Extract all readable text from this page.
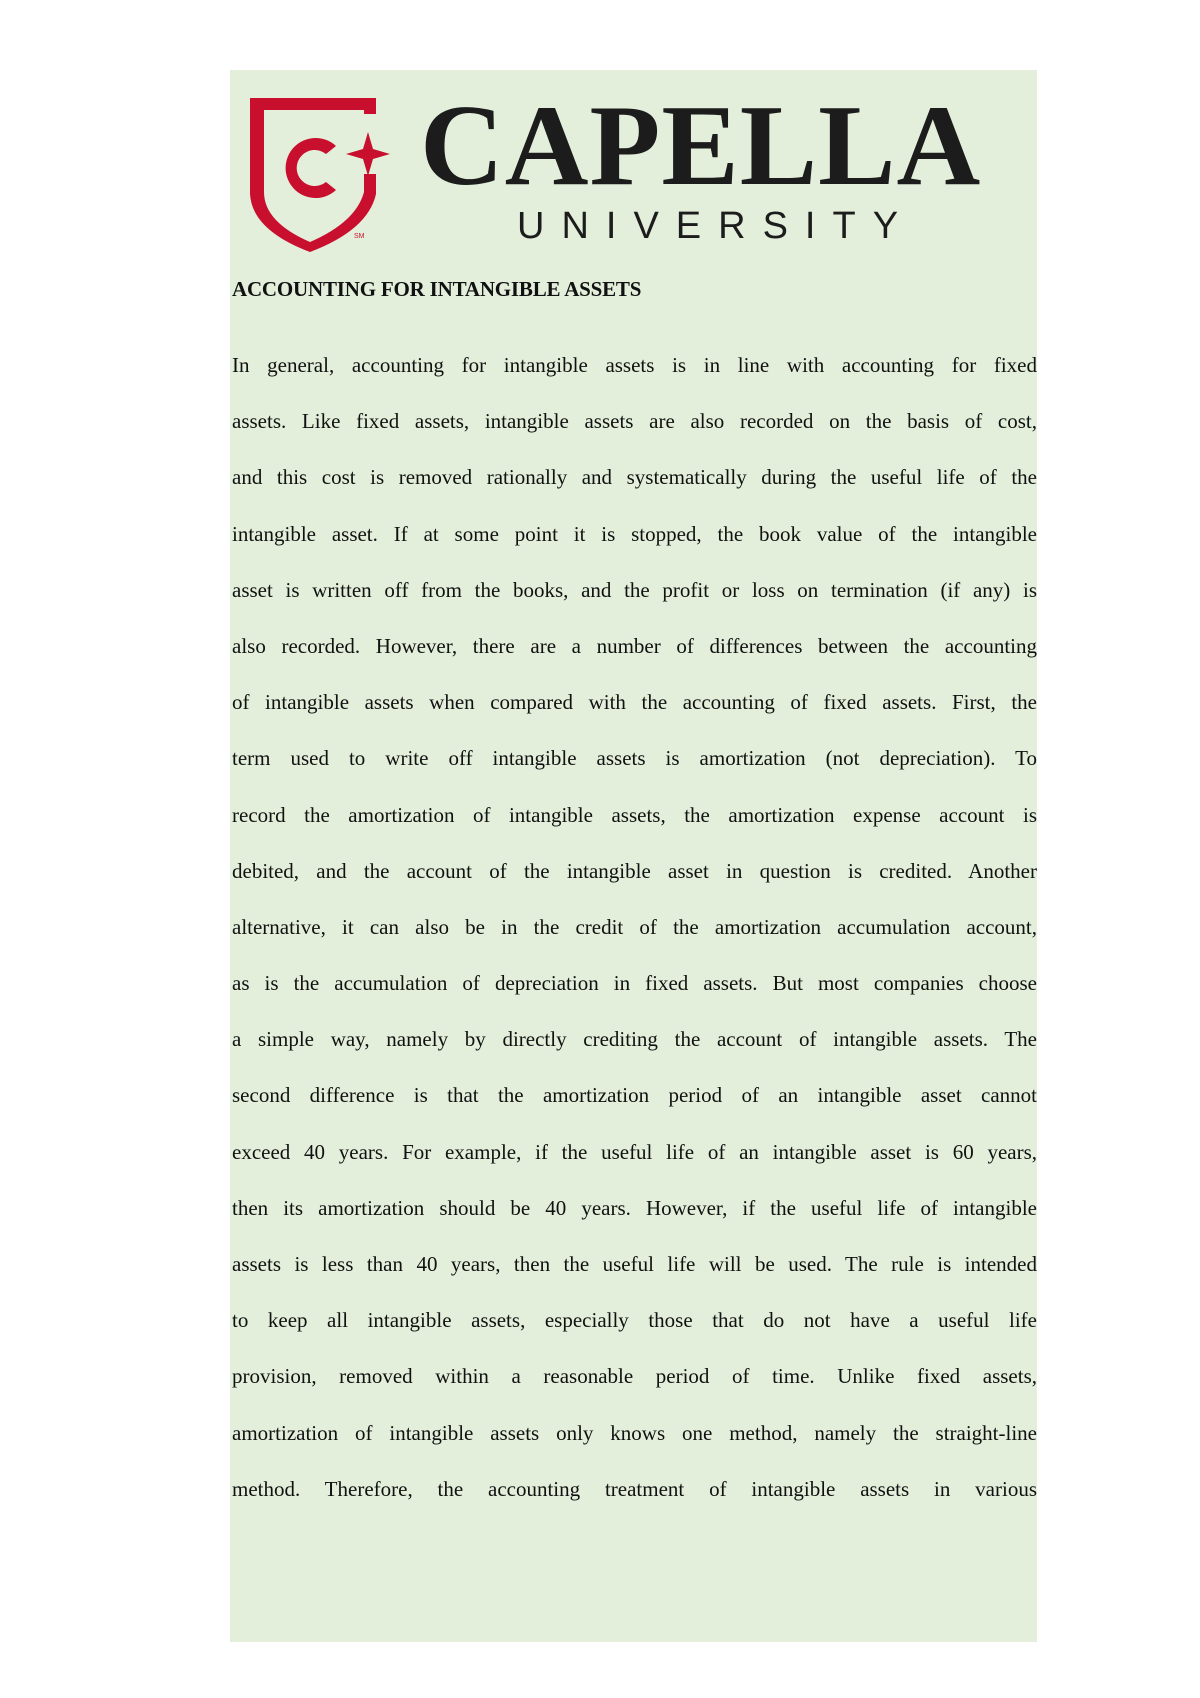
SM
CAPELLA
UNIVERSITY
ACCOUNTING FOR INTANGIBLE ASSETS
In general, accounting for intangible assets is in line with accounting for fixed
assets. Like fixed assets, intangible assets are also recorded on the basis of cost,
and this cost is removed rationally and systematically during the useful life of the
intangible asset. If at some point it is stopped, the book value of the intangible
asset is written off from the books, and the profit or loss on termination (if any) is
also recorded. However, there are a number of differences between the accounting
of intangible assets when compared with the accounting of fixed assets. First, the
term used to write off intangible assets is amortization (not depreciation). To
record the amortization of intangible assets, the amortization expense account is
debited, and the account of the intangible asset in question is credited. Another
alternative, it can also be in the credit of the amortization accumulation account,
as is the accumulation of depreciation in fixed assets. But most companies choose
a simple way, namely by directly crediting the account of intangible assets. The
second difference is that the amortization period of an intangible asset cannot
exceed 40 years. For example, if the useful life of an intangible asset is 60 years,
then its amortization should be 40 years. However, if the useful life of intangible
assets is less than 40 years, then the useful life will be used. The rule is intended
to keep all intangible assets, especially those that do not have a useful life
provision, removed within a reasonable period of time. Unlike fixed assets,
amortization of intangible assets only knows one method, namely the straight-line
method. Therefore, the accounting treatment of intangible assets in various
